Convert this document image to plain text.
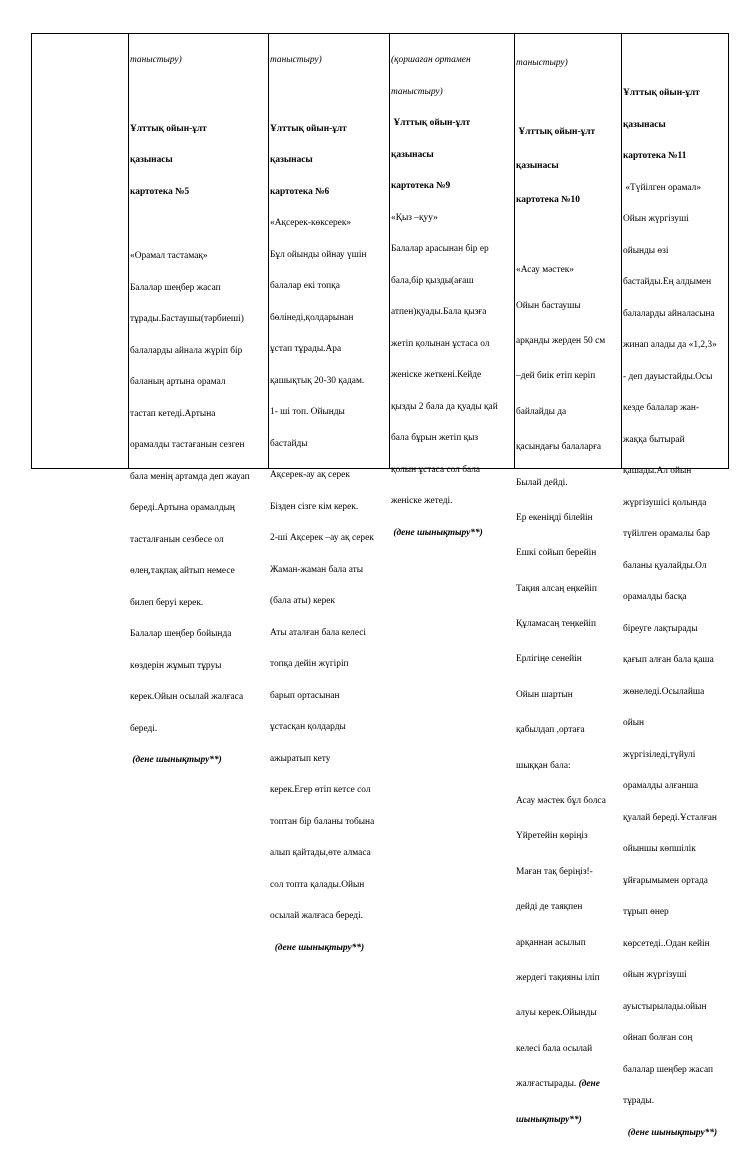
таныстыру)

Ұлттық ойын-ұлт

қазынасы

картотека №5

«Орамал тастамақ»

Балалар шеңбер жасап

тұрады.Бастаушы(тәрбиеші)

балаларды айнала жүріп бір

баланың артына орамал

тастап кетеді.Артына

орамалды тастағанын сезген

бала менің артамда деп жауап

береді.Артына орамалдың

тасталғанын сезбесе ол

өлең,тақпақ айтып немесе

билеп беруі керек.

Балалар шеңбер бойында

көздерін жұмып тұруы

керек.Ойын осылай жалғаса

береді.

(дене шынықтыру**)

таныстыру)

Ұлттық ойын-ұлт

қазынасы

картотека №6

«Ақсерек-көксерек»

Бұл ойынды ойнау үшін

балалар екі топқа

бөлінеді,қолдарынан

ұстап тұрады.Ара

қашықтық 20-30 қадам.

1- ші топ. Ойынды

бастайды

Ақсерек-ау ақ серек

Бізден сізге кім керек.

2-ші Ақсерек –ау ақ серек

Жаман-жаман бала аты

(бала аты) керек

Аты аталған бала келесі

топқа дейін жүгіріп

барып ортасынан

ұстасқан қолдарды

ажыратып кету

керек.Егер өтіп кетсе сол

топтан бір баланы тобына

алып қайтады,өте алмаса

сол топта қалады.Ойын

осылай жалғаса береді.

(дене шынықтыру**)

(қоршаған ортамен

таныстыру)

Ұлттық ойын-ұлт

қазынасы

картотека №9

«Қыз –қуу»

Балалар арасынан бір ер

бала,бір қызды(ағаш

атпен)қуады.Бала қызға

жетіп қолынан ұстаса ол

женіске жеткені.Кейде

қызды 2 бала да қуады қай

бала бұрын жетіп қыз

қолын ұстаса сол бала

женіске жетеді.

(дене шынықтыру**)

таныстыру)

Ұлттық ойын-ұлт

қазынасы

картотека №10

«Асау мәстек»

Ойын бастаушы

арқанды жерден 50 см

–дей биік етіп керіп

байлайды да

қасындағы балаларға

Былай дейді.

Ер екеніңді білейін

Ешкі сойып берейін

Тақия алсаң еңкейіп

Құламасаң теңкейіп

Ерлігіңе сенейін

Ойын шартын

қабылдап ,ортаға

шыққан бала:

Асау мәстек бұл болса

Үйретейін көріңіз

Маған тақ беріңіз!-

дейді де таяқпен

арқаннан асылып

жердегі тақияны іліп

алуы керек.Ойынды

келесі бала осылай

жалғастырады. (дене

шынықтыру**)

Ұлттық ойын-ұлт

қазынасы

картотека №11

«Түйілген орамал»

Ойын жүргізуші

ойынды өзі

бастайды.Ең алдымен

балаларды айналасына

жинап алады да «1,2,3»

- деп дауыстайды.Осы

кезде балалар жан-

жаққа бытырай

қашады.Ал ойын

жүргізушісі қолында

түйілген орамалы бар

баланы қуалайды.Ол

орамалды басқа

біреуге лақтырады

қағып алған бала қаша

жөнеледі.Осылайша

ойын

жүргізіледі,түйулі

орамалды алғанша

қуалай береді.Ұсталған

ойыншы көпшілік

ұйғарымымен ортада

тұрып өнер

көрсетеді..Одан кейін

ойын жүргізуші

ауыстырылады.ойын

ойнап болған соң

балалар шеңбер жасап

тұрады.

(дене шынықтыру**)
